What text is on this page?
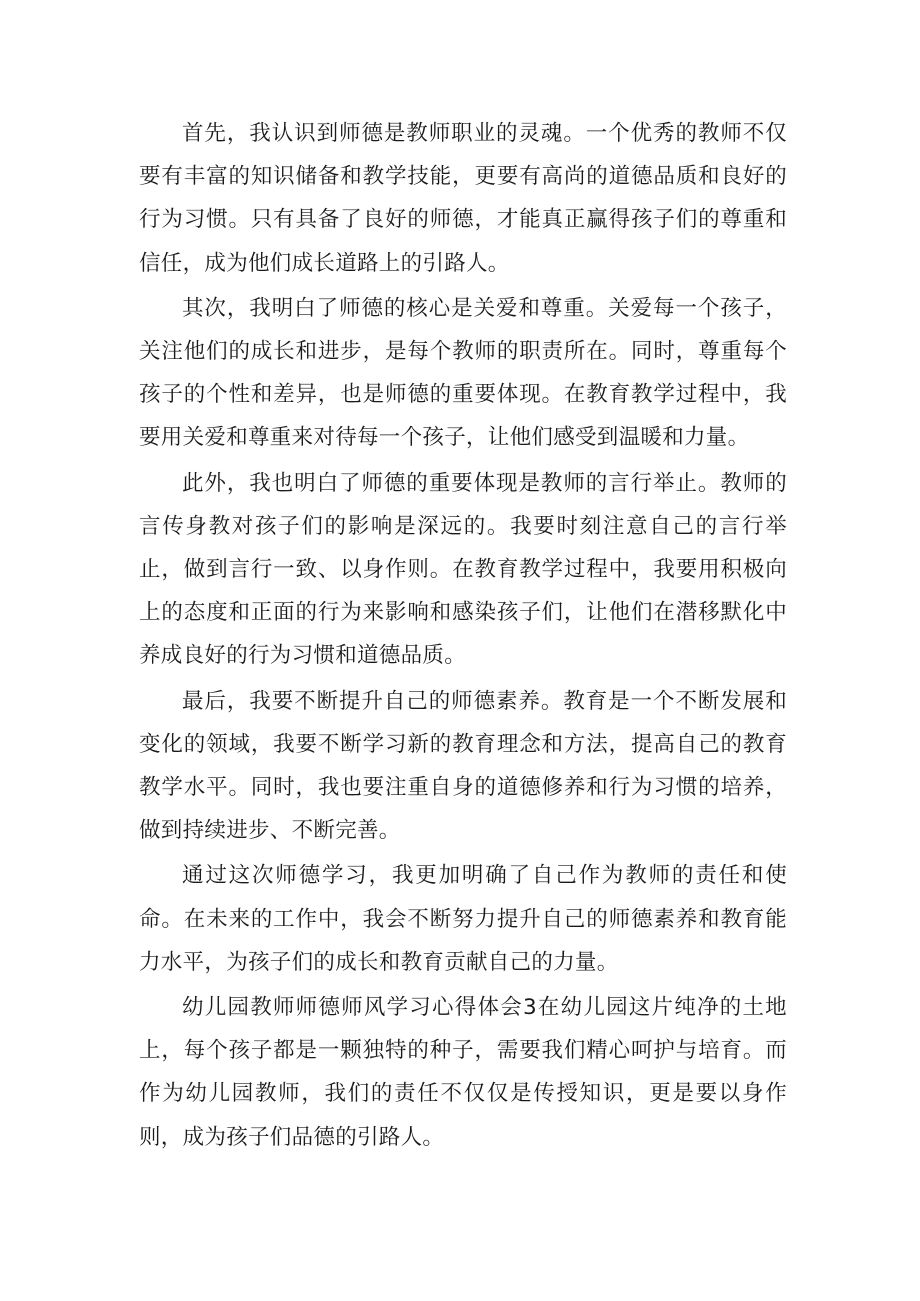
首先，我认识到师德是教师职业的灵魂。一个优秀的教师不仅要有丰富的知识储备和教学技能，更要有高尚的道德品质和良好的行为习惯。只有具备了良好的师德，才能真正赢得孩子们的尊重和信任，成为他们成长道路上的引路人。

其次，我明白了师德的核心是关爱和尊重。关爱每一个孩子，关注他们的成长和进步，是每个教师的职责所在。同时，尊重每个孩子的个性和差异，也是师德的重要体现。在教育教学过程中，我要用关爱和尊重来对待每一个孩子，让他们感受到温暖和力量。

此外，我也明白了师德的重要体现是教师的言行举止。教师的言传身教对孩子们的影响是深远的。我要时刻注意自己的言行举止，做到言行一致、以身作则。在教育教学过程中，我要用积极向上的态度和正面的行为来影响和感染孩子们，让他们在潜移默化中养成良好的行为习惯和道德品质。

最后，我要不断提升自己的师德素养。教育是一个不断发展和变化的领域，我要不断学习新的教育理念和方法，提高自己的教育教学水平。同时，我也要注重自身的道德修养和行为习惯的培养，做到持续进步、不断完善。

通过这次师德学习，我更加明确了自己作为教师的责任和使命。在未来的工作中，我会不断努力提升自己的师德素养和教育能力水平，为孩子们的成长和教育贡献自己的力量。

幼儿园教师师德师风学习心得体会3在幼儿园这片纯净的土地上，每个孩子都是一颗独特的种子，需要我们精心呵护与培育。而作为幼儿园教师，我们的责任不仅仅是传授知识，更是要以身作则，成为孩子们品德的引路人。
